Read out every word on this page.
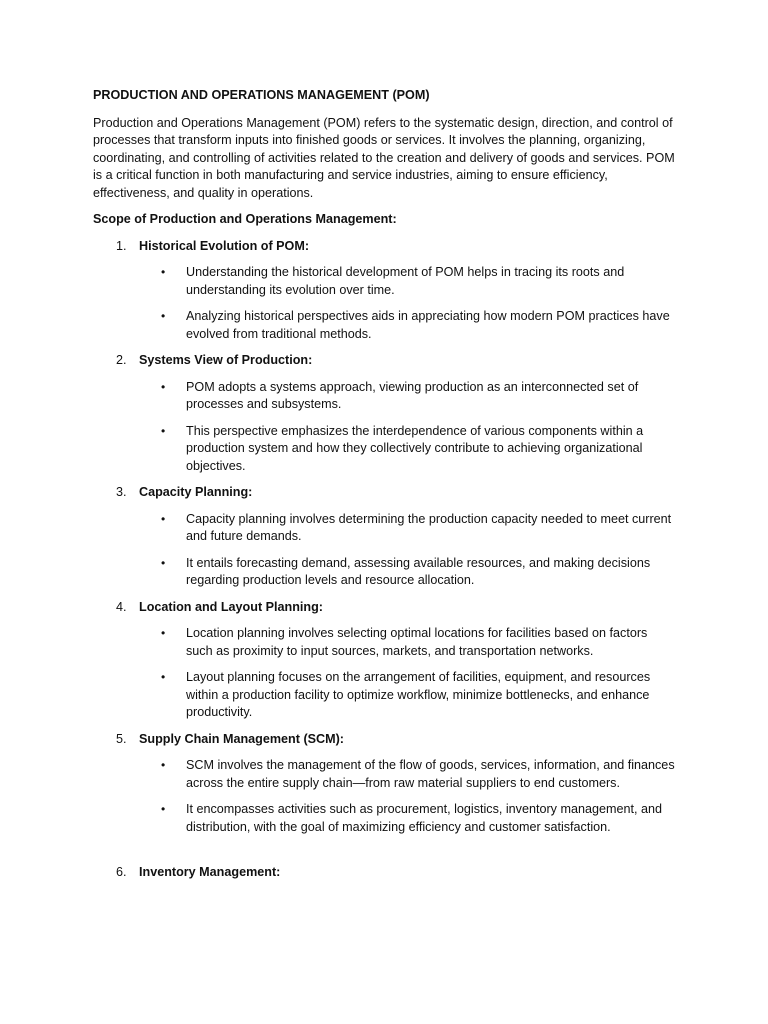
PRODUCTION AND OPERATIONS MANAGEMENT (POM)

Production and Operations Management (POM) refers to the systematic design, direction, and control of processes that transform inputs into finished goods or services. It involves the planning, organizing, coordinating, and controlling of activities related to the creation and delivery of goods and services. POM is a critical function in both manufacturing and service industries, aiming to ensure efficiency, effectiveness, and quality in operations.

Scope of Production and Operations Management:
1. Historical Evolution of POM:
• Understanding the historical development of POM helps in tracing its roots and understanding its evolution over time.
• Analyzing historical perspectives aids in appreciating how modern POM practices have evolved from traditional methods.
2. Systems View of Production:
• POM adopts a systems approach, viewing production as an interconnected set of processes and subsystems.
• This perspective emphasizes the interdependence of various components within a production system and how they collectively contribute to achieving organizational objectives.
3. Capacity Planning:
• Capacity planning involves determining the production capacity needed to meet current and future demands.
• It entails forecasting demand, assessing available resources, and making decisions regarding production levels and resource allocation.
4. Location and Layout Planning:
• Location planning involves selecting optimal locations for facilities based on factors such as proximity to input sources, markets, and transportation networks.
• Layout planning focuses on the arrangement of facilities, equipment, and resources within a production facility to optimize workflow, minimize bottlenecks, and enhance productivity.
5. Supply Chain Management (SCM):
• SCM involves the management of the flow of goods, services, information, and finances across the entire supply chain—from raw material suppliers to end customers.
• It encompasses activities such as procurement, logistics, inventory management, and distribution, with the goal of maximizing efficiency and customer satisfaction.
6. Inventory Management:
